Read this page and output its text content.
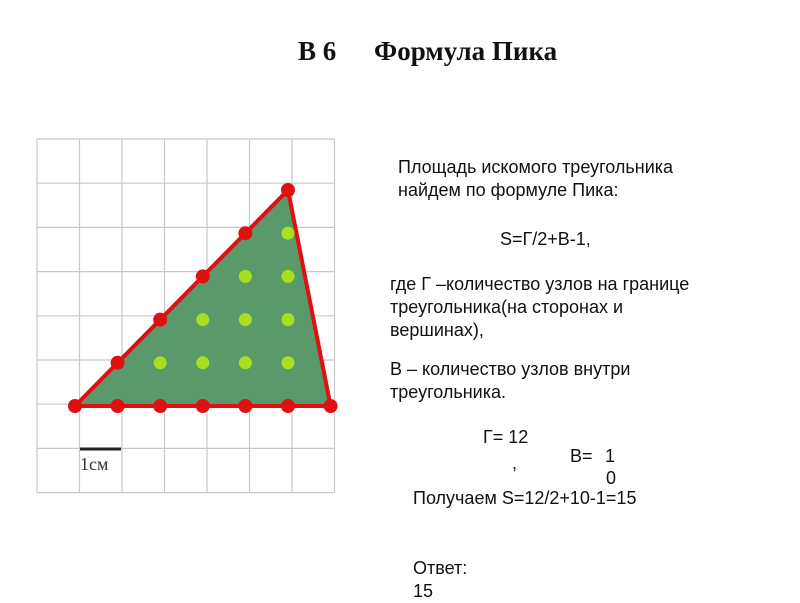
В 6 Формула Пика
1см
Площадь искомого треугольника
найдем по формуле Пика:
S=Г/2+В-1,
где Г –количество узлов на границе
треугольника(на сторонах и
вершинах),
В – количество узлов внутри
треугольника.
Г= 12
,	В= 1
0
Получаем S=12/2+10-1=15

Ответ:
15
